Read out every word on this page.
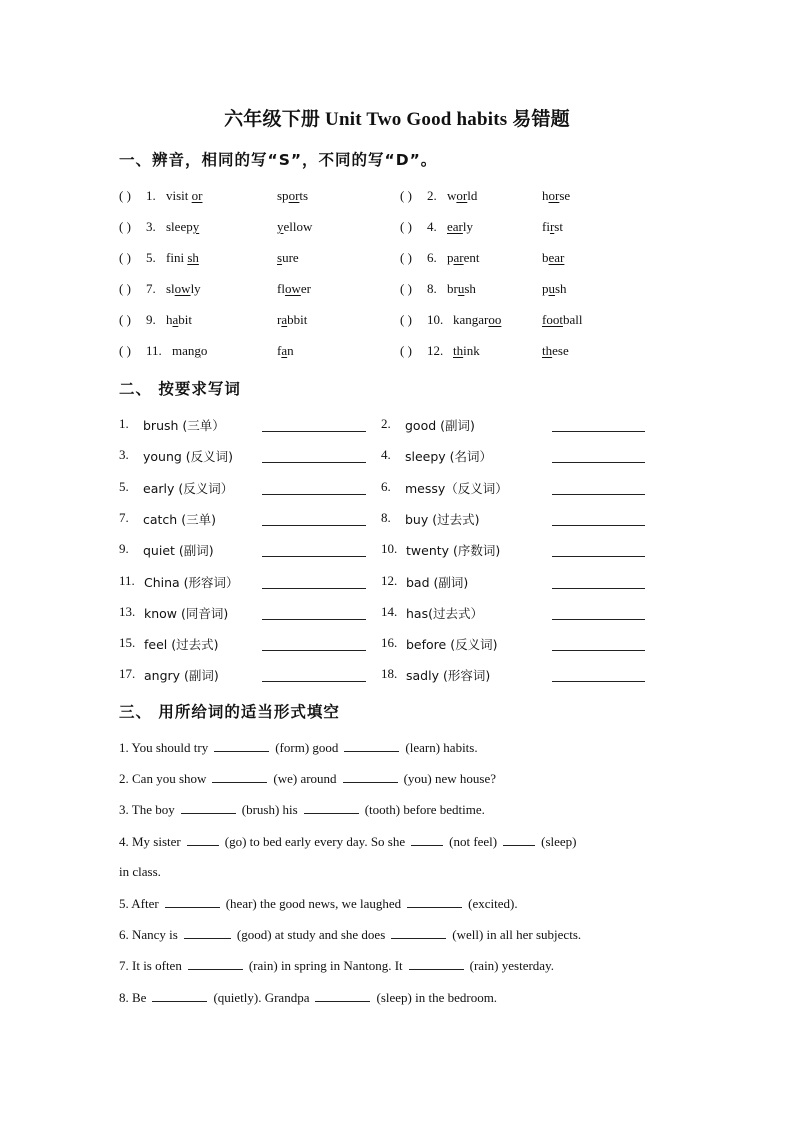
六年级下册 Unit Two Good habits 易错题
一、辨音，相同的写“S”，不同的写“D”。
( ) 1. visit or	sports	( ) 2. world	horse
( ) 3. sleepy	yellow	( ) 4. early	first
( ) 5. fini sh	sure	( ) 6. parent	bear
( ) 7. slowly	flower	( ) 8. brush	push
( ) 9. habit	rabbit	( ) 10. kangaroo	football
( ) 11. mango	fan	( ) 12. think	these
二、 按要求写词
1. brush (三单）	2. good (副词)
3. young (反义词)	4. sleepy (名词）
5. early (反义词）	6. messy（反义词）
7. catch (三单)	8. buy (过去式)
9. quiet (副词)	10. twenty (序数词)
11. China (形容词）	12. bad (副词)
13. know (同音词)	14. has(过去式）
15. feel (过去式)	16. before (反义词)
17. angry (副词)	18. sadly (形容词)
三、 用所给词的适当形式填空
1. You should try	(form) good	(learn) habits.
2. Can you show	(we) around	(you) new house?
3. The boy	(brush) his	(tooth) before bedtime.
4. My sister	(go) to bed early every day. So she	(not feel)	(sleep)
in class.
5. After	(hear) the good news, we laughed	(excited).
6. Nancy is	(good) at study and she does	(well) in all her subjects.
7. It is often	(rain) in spring in Nantong. It	(rain) yesterday.
8. Be	(quietly). Grandpa	(sleep) in the bedroom.
